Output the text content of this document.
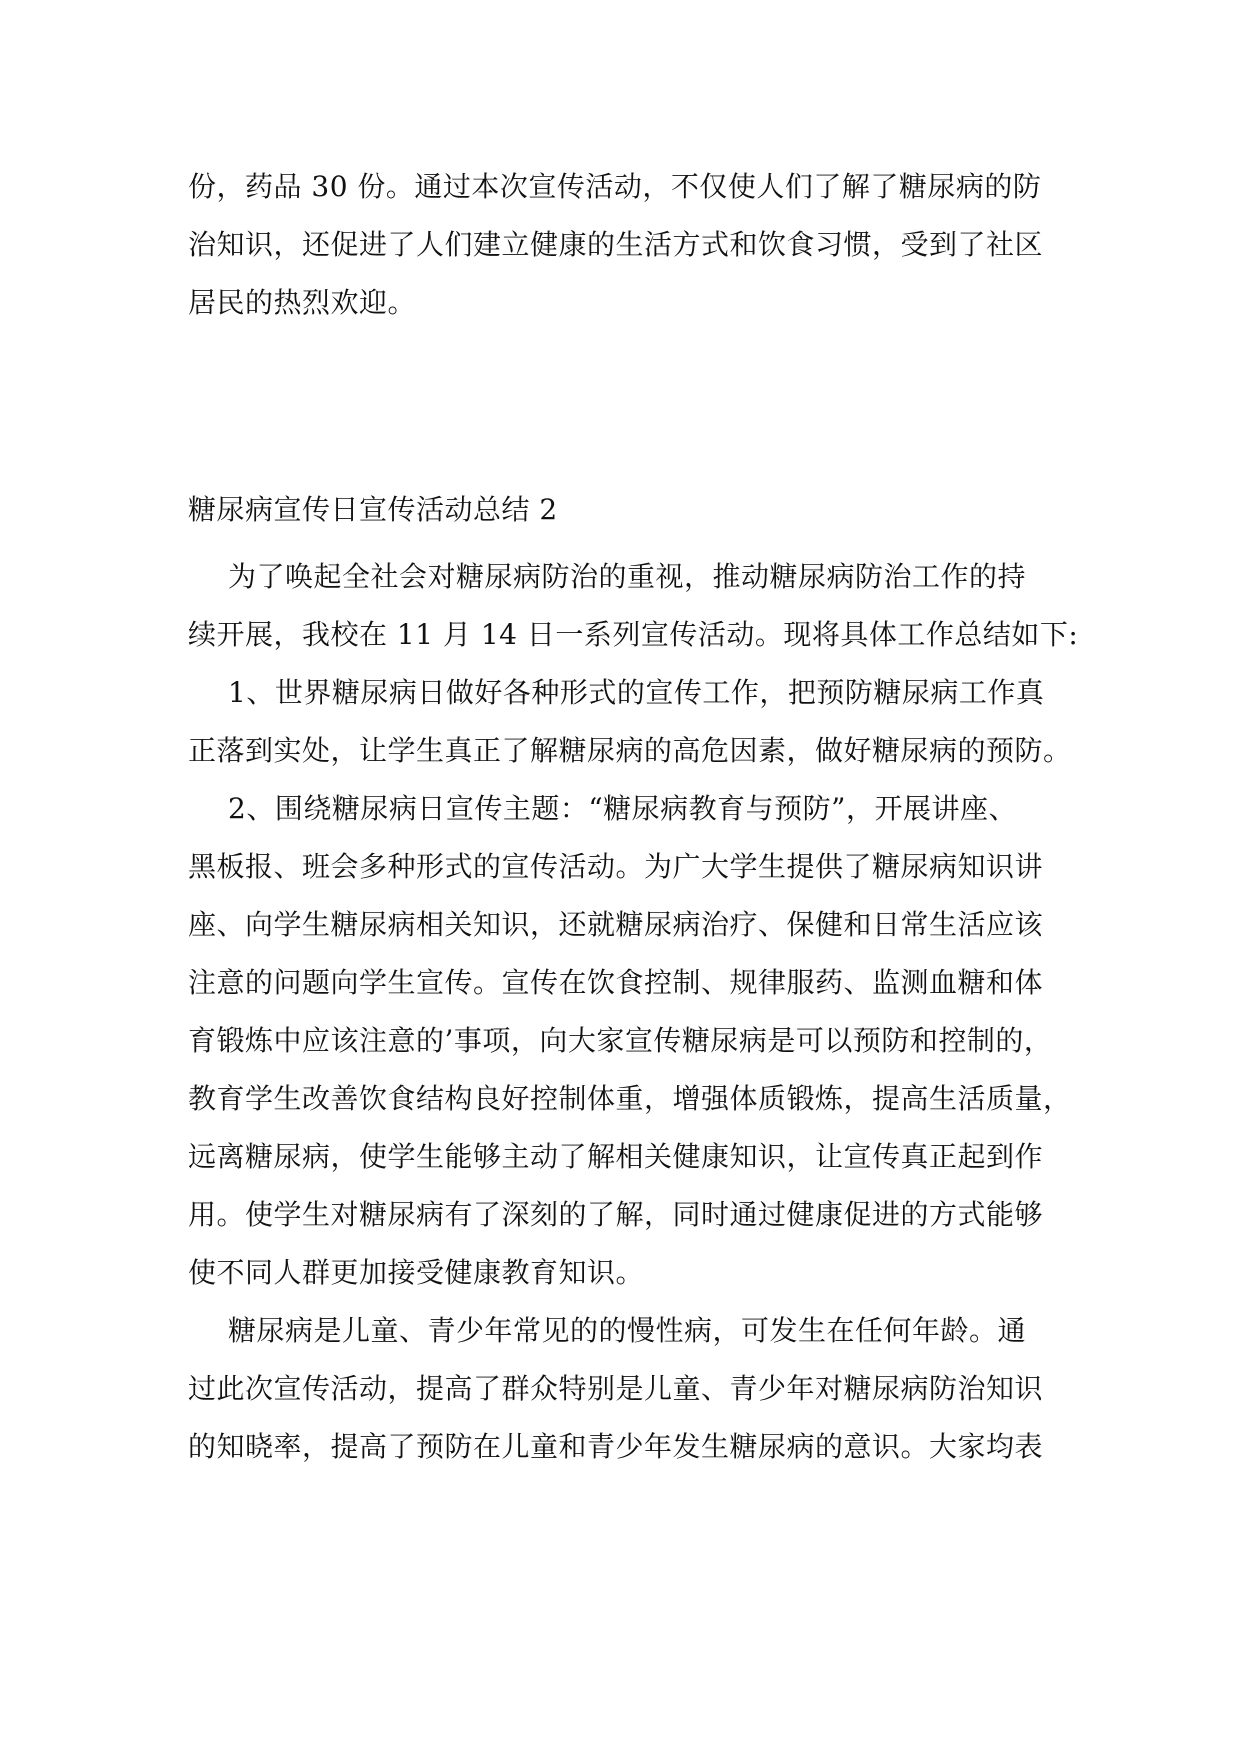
份，药品 30 份。通过本次宣传活动，不仅使人们了解了糖尿病的防
治知识，还促进了人们建立健康的生活方式和饮食习惯，受到了社区
居民的热烈欢迎。
糖尿病宣传日宣传活动总结 2
为了唤起全社会对糖尿病防治的重视，推动糖尿病防治工作的持
续开展，我校在 11 月 14 日一系列宣传活动。现将具体工作总结如下:
1、世界糖尿病日做好各种形式的宣传工作，把预防糖尿病工作真
正落到实处，让学生真正了解糖尿病的高危因素，做好糖尿病的预防。
2、围绕糖尿病日宣传主题：“糖尿病教育与预防”，开展讲座、
黑板报、班会多种形式的宣传活动。为广大学生提供了糖尿病知识讲
座、向学生糖尿病相关知识，还就糖尿病治疗、保健和日常生活应该
注意的问题向学生宣传。宣传在饮食控制、规律服药、监测血糖和体
育锻炼中应该注意的’事项，向大家宣传糖尿病是可以预防和控制的，
教育学生改善饮食结构良好控制体重，增强体质锻炼，提高生活质量，
远离糖尿病，使学生能够主动了解相关健康知识，让宣传真正起到作
用。使学生对糖尿病有了深刻的了解，同时通过健康促进的方式能够
使不同人群更加接受健康教育知识。
糖尿病是儿童、青少年常见的的慢性病，可发生在任何年龄。通
过此次宣传活动，提高了群众特别是儿童、青少年对糖尿病防治知识
的知晓率，提高了预防在儿童和青少年发生糖尿病的意识。大家均表
